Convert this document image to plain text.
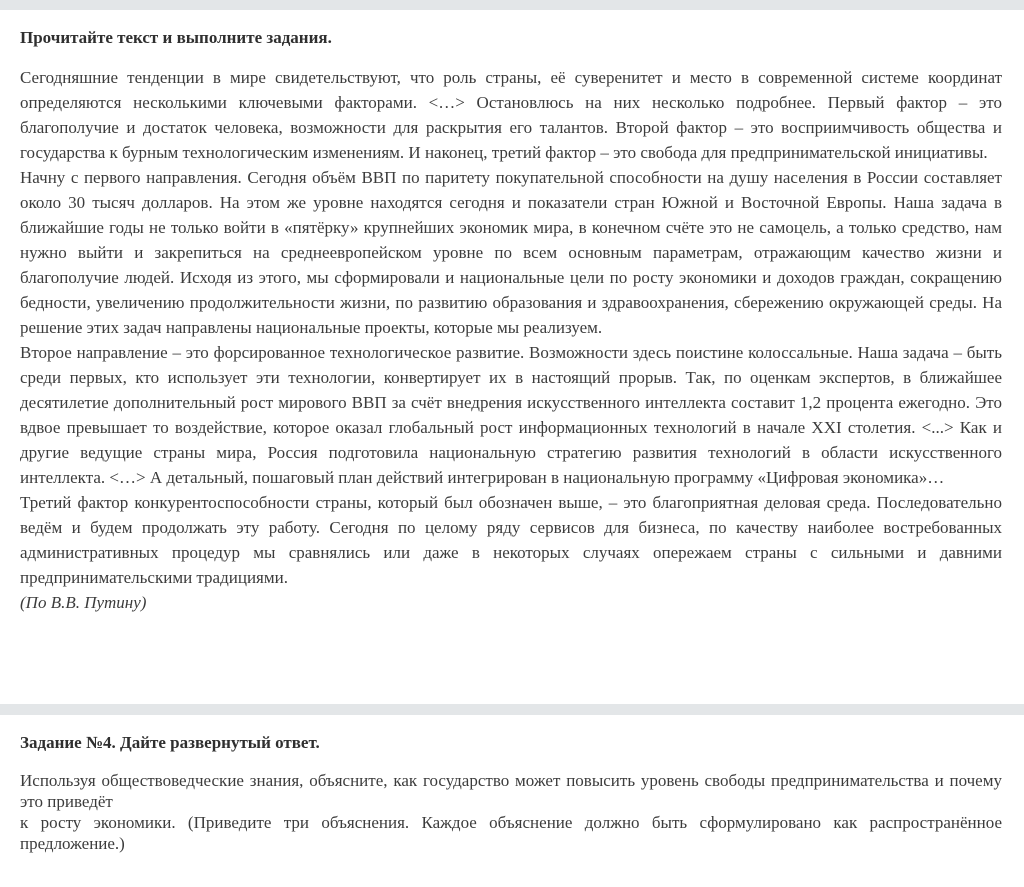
Прочитайте текст и выполните задания.

Сегодняшние тенденции в мире свидетельствуют, что роль страны, её суверенитет и место в современной системе координат определяются несколькими ключевыми факторами. <…> Остановлюсь на них несколько подробнее. Первый фактор – это благополучие и достаток человека, возможности для раскрытия его талантов. Второй фактор – это восприимчивость общества и государства к бурным технологическим изменениям. И наконец, третий фактор – это свобода для предпринимательской инициативы.

Начну с первого направления. Сегодня объём ВВП по паритету покупательной способности на душу населения в России составляет около 30 тысяч долларов. На этом же уровне находятся сегодня и показатели стран Южной и Восточной Европы. Наша задача в ближайшие годы не только войти в «пятёрку» крупнейших экономик мира, в конечном счёте это не самоцель, а только средство, нам нужно выйти и закрепиться на среднеевропейском уровне по всем основным параметрам, отражающим качество жизни и благополучие людей. Исходя из этого, мы сформировали и национальные цели по росту экономики и доходов граждан, сокращению бедности, увеличению продолжительности жизни, по развитию образования и здравоохранения, сбережению окружающей среды. На решение этих задач направлены национальные проекты, которые мы реализуем.

Второе направление – это форсированное технологическое развитие. Возможности здесь поистине колоссальные. Наша задача – быть среди первых, кто использует эти технологии, конвертирует их в настоящий прорыв. Так, по оценкам экспертов, в ближайшее десятилетие дополнительный рост мирового ВВП за счёт внедрения искусственного интеллекта составит 1,2 процента ежегодно. Это вдвое превышает то воздействие, которое оказал глобальный рост информационных технологий в начале XXI столетия. <...> Как и другие ведущие страны мира, Россия подготовила национальную стратегию развития технологий в области искусственного интеллекта. <…> А детальный, пошаговый план действий интегрирован в национальную программу «Цифровая экономика»…

Третий фактор конкурентоспособности страны, который был обозначен выше, – это благоприятная деловая среда. Последовательно ведём и будем продолжать эту работу. Сегодня по целому ряду сервисов для бизнеса, по качеству наиболее востребованных административных процедур мы сравнялись или даже в некоторых случаях опережаем страны с сильными и давними предпринимательскими традициями.

(По В.В. Путину)

Задание №4. Дайте развернутый ответ.

Используя обществоведческие знания, объясните, как государство может повысить уровень свободы предпринимательства и почему это приведёт

к росту экономики. (Приведите три объяснения. Каждое объяснение должно быть сформулировано как распространённое предложение.)
